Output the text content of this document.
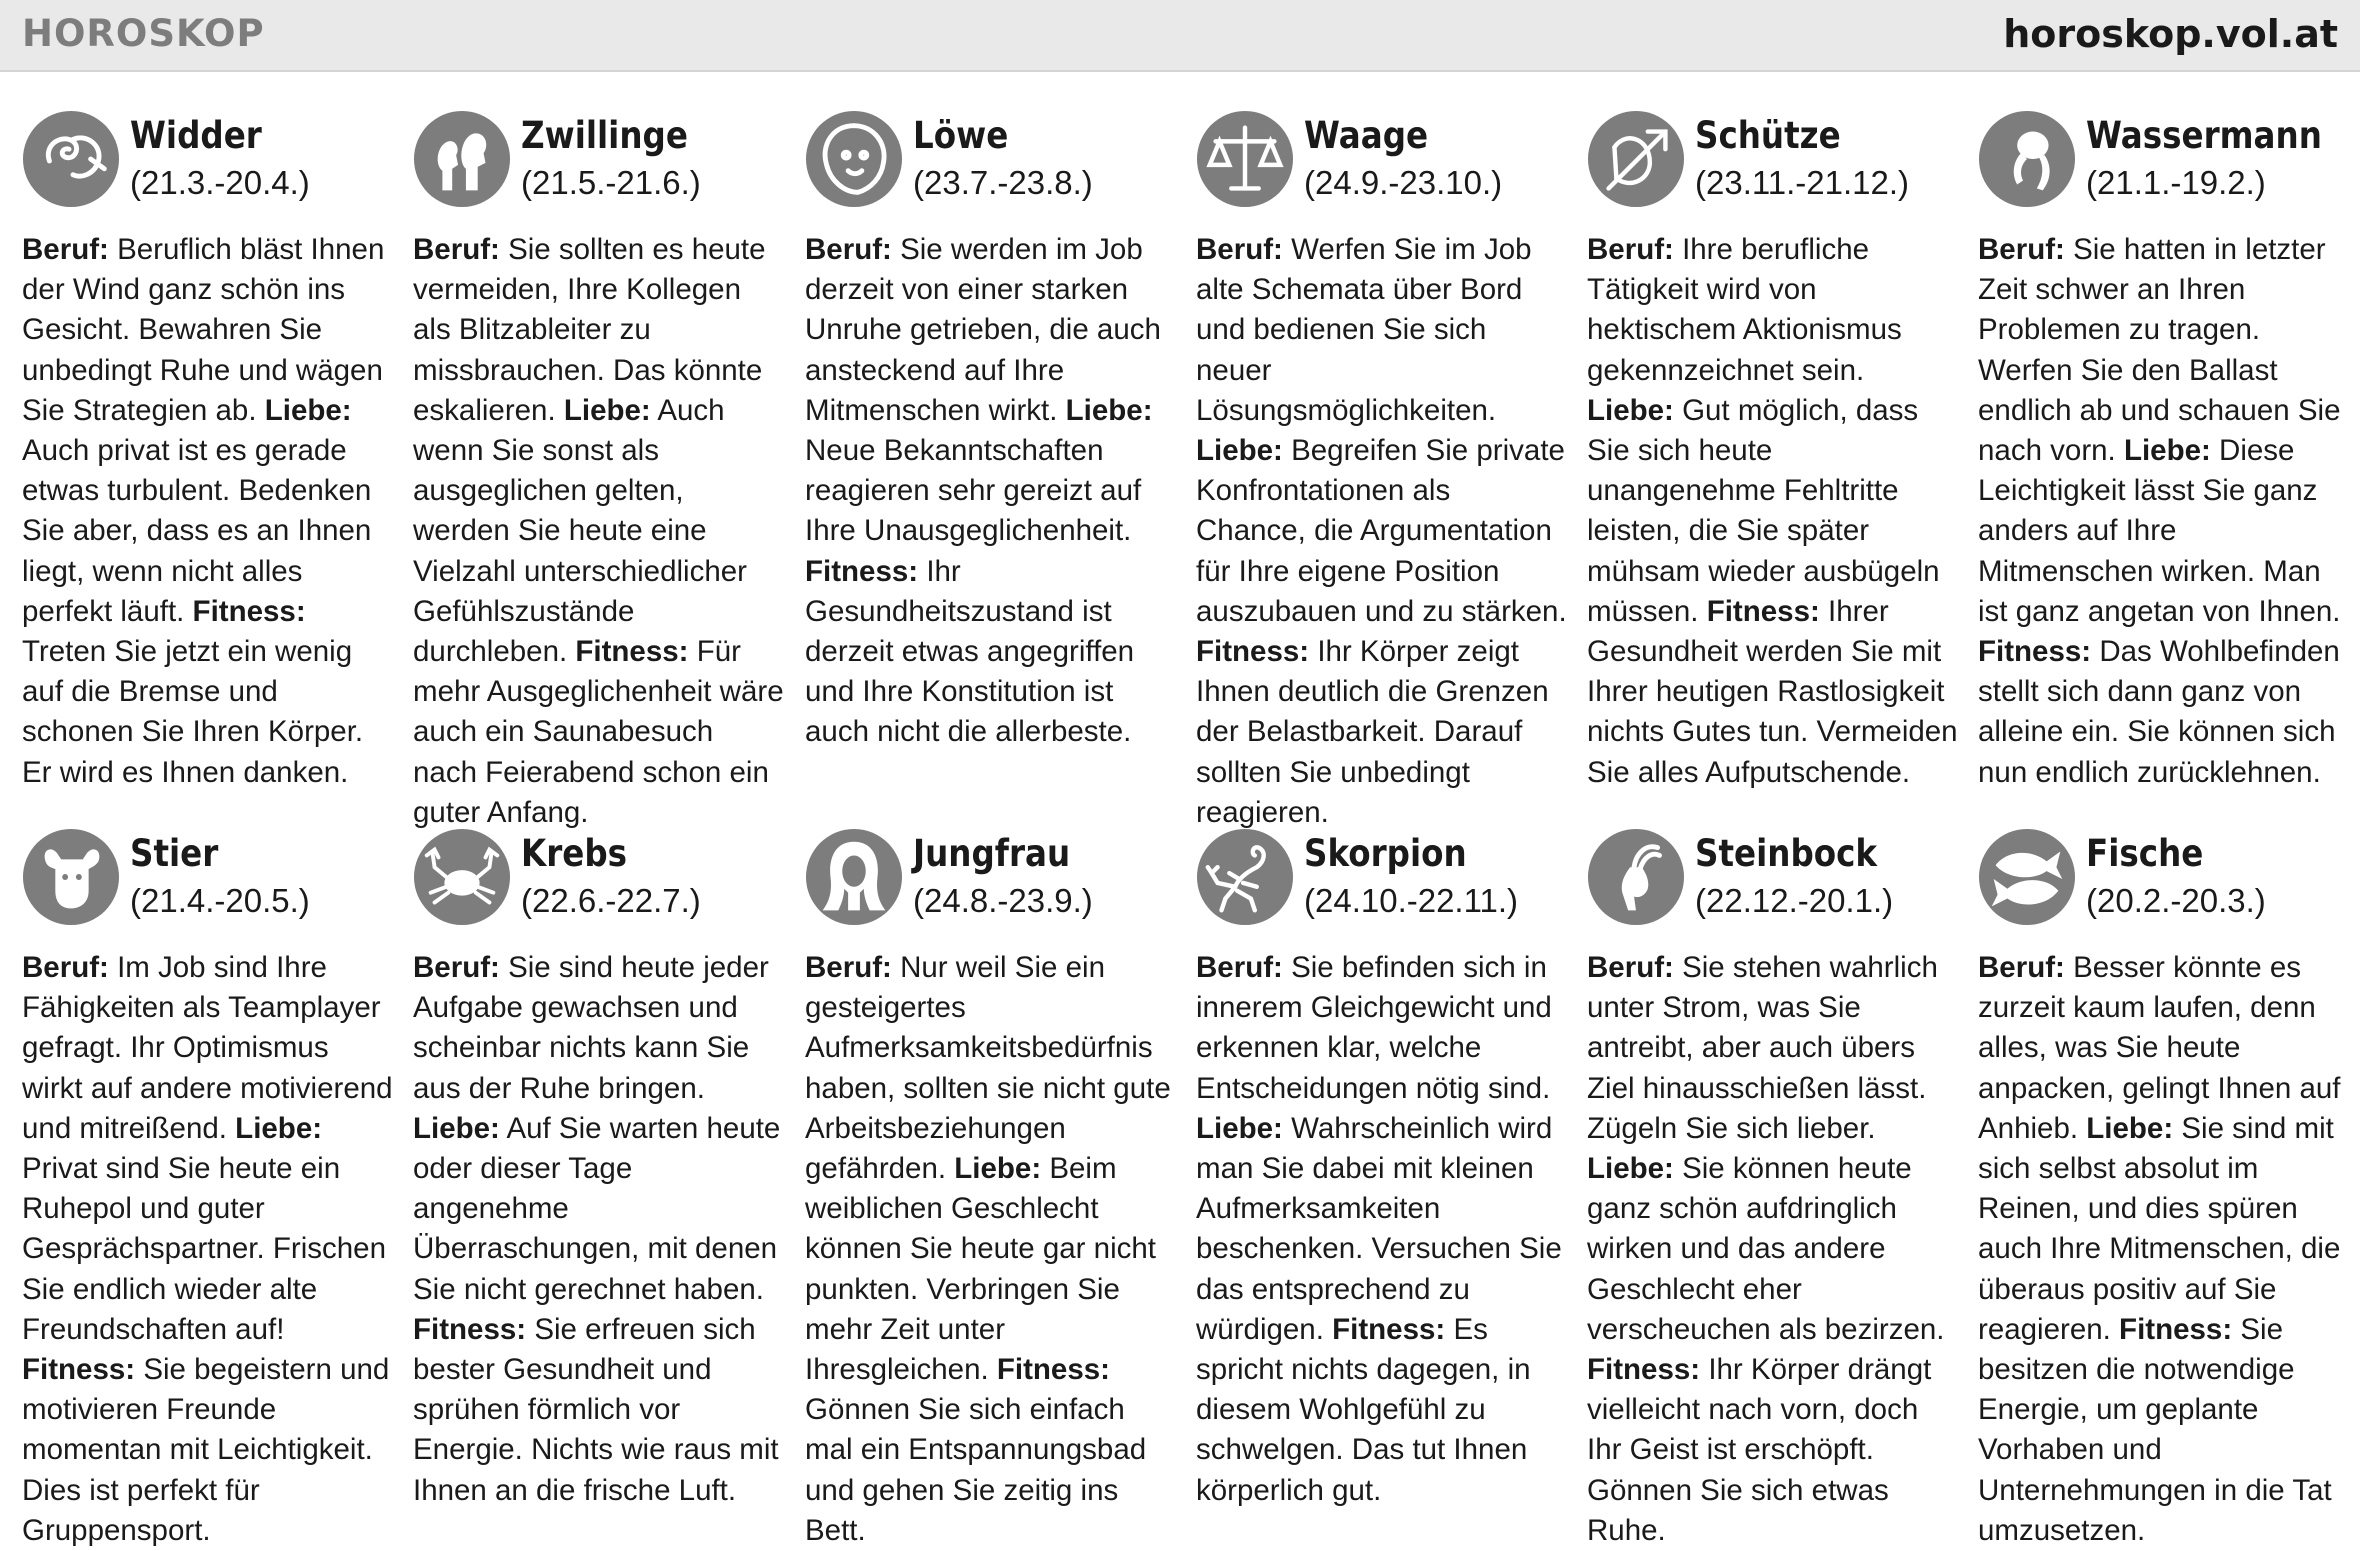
HOROSKOP	horoskop.vol.at
Widder
(21.3.-20.4.)

Beruf: Beruflich bläst Ihnen der Wind ganz schön ins Gesicht. Bewahren Sie unbedingt Ruhe und wägen Sie Strategien ab. Liebe: Auch privat ist es gerade etwas turbulent. Bedenken Sie aber, dass es an Ihnen liegt, wenn nicht alles perfekt läuft. Fitness: Treten Sie jetzt ein wenig auf die Bremse und schonen Sie Ihren Körper. Er wird es Ihnen danken.

Zwillinge
(21.5.-21.6.)

Beruf: Sie sollten es heute vermeiden, Ihre Kollegen als Blitzableiter zu missbrauchen. Das könnte eskalieren. Liebe: Auch wenn Sie sonst als ausgeglichen gelten, werden Sie heute eine Vielzahl unterschiedlicher Gefühlszustände durchleben. Fitness: Für mehr Ausgeglichenheit wäre auch ein Saunabesuch nach Feierabend schon ein guter Anfang.

Löwe
(23.7.-23.8.)

Beruf: Sie werden im Job derzeit von einer starken Unruhe getrieben, die auch ansteckend auf Ihre Mitmenschen wirkt. Liebe: Neue Bekanntschaften reagieren sehr gereizt auf Ihre Unausgeglichenheit. Fitness: Ihr Gesundheitszustand ist derzeit etwas angegriffen und Ihre Konstitution ist auch nicht die allerbeste.

Waage
(24.9.-23.10.)

Beruf: Werfen Sie im Job alte Schemata über Bord und bedienen Sie sich neuer Lösungsmöglichkeiten. Liebe: Begreifen Sie private Konfrontationen als Chance, die Argumentation für Ihre eigene Position auszubauen und zu stärken. Fitness: Ihr Körper zeigt Ihnen deutlich die Grenzen der Belastbarkeit. Darauf sollten Sie unbedingt reagieren.

Schütze
(23.11.-21.12.)

Beruf: Ihre berufliche Tätigkeit wird von hektischem Aktionismus gekennzeichnet sein. Liebe: Gut möglich, dass Sie sich heute unangenehme Fehltritte leisten, die Sie später mühsam wieder ausbügeln müssen. Fitness: Ihrer Gesundheit werden Sie mit Ihrer heutigen Rastlosigkeit nichts Gutes tun. Vermeiden Sie alles Aufputschende.

Wassermann
(21.1.-19.2.)

Beruf: Sie hatten in letzter Zeit schwer an Ihren Problemen zu tragen. Werfen Sie den Ballast endlich ab und schauen Sie nach vorn. Liebe: Diese Leichtigkeit lässt Sie ganz anders auf Ihre Mitmenschen wirken. Man ist ganz angetan von Ihnen. Fitness: Das Wohlbefinden stellt sich dann ganz von alleine ein. Sie können sich nun endlich zurücklehnen.

Stier
(21.4.-20.5.)

Beruf: Im Job sind Ihre Fähigkeiten als Teamplayer gefragt. Ihr Optimismus wirkt auf andere motivierend und mitreißend. Liebe: Privat sind Sie heute ein Ruhepol und guter Gesprächspartner. Frischen Sie endlich wieder alte Freundschaften auf! Fitness: Sie begeistern und motivieren Freunde momentan mit Leichtigkeit. Dies ist perfekt für Gruppensport.

Krebs
(22.6.-22.7.)

Beruf: Sie sind heute jeder Aufgabe gewachsen und scheinbar nichts kann Sie aus der Ruhe bringen. Liebe: Auf Sie warten heute oder dieser Tage angenehme Überraschungen, mit denen Sie nicht gerechnet haben. Fitness: Sie erfreuen sich bester Gesundheit und sprühen förmlich vor Energie. Nichts wie raus mit Ihnen an die frische Luft.

Jungfrau
(24.8.-23.9.)

Beruf: Nur weil Sie ein gesteigertes Aufmerksamkeitsbedürfnis haben, sollten sie nicht gute Arbeitsbeziehungen gefährden. Liebe: Beim weiblichen Geschlecht können Sie heute gar nicht punkten. Verbringen Sie mehr Zeit unter Ihresgleichen. Fitness: Gönnen Sie sich einfach mal ein Entspannungsbad und gehen Sie zeitig ins Bett.

Skorpion
(24.10.-22.11.)

Beruf: Sie befinden sich in innerem Gleichgewicht und erkennen klar, welche Entscheidungen nötig sind. Liebe: Wahrscheinlich wird man Sie dabei mit kleinen Aufmerksamkeiten beschenken. Versuchen Sie das entsprechend zu würdigen. Fitness: Es spricht nichts dagegen, in diesem Wohlgefühl zu schwelgen. Das tut Ihnen körperlich gut.

Steinbock
(22.12.-20.1.)

Beruf: Sie stehen wahrlich unter Strom, was Sie antreibt, aber auch übers Ziel hinausschießen lässt. Zügeln Sie sich lieber. Liebe: Sie können heute ganz schön aufdringlich wirken und das andere Geschlecht eher verscheuchen als bezirzen. Fitness: Ihr Körper drängt vielleicht nach vorn, doch Ihr Geist ist erschöpft. Gönnen Sie sich etwas Ruhe.

Fische
(20.2.-20.3.)

Beruf: Besser könnte es zurzeit kaum laufen, denn alles, was Sie heute anpacken, gelingt Ihnen auf Anhieb. Liebe: Sie sind mit sich selbst absolut im Reinen, und dies spüren auch Ihre Mitmenschen, die überaus positiv auf Sie reagieren. Fitness: Sie besitzen die notwendige Energie, um geplante Vorhaben und Unternehmungen in die Tat umzusetzen.
